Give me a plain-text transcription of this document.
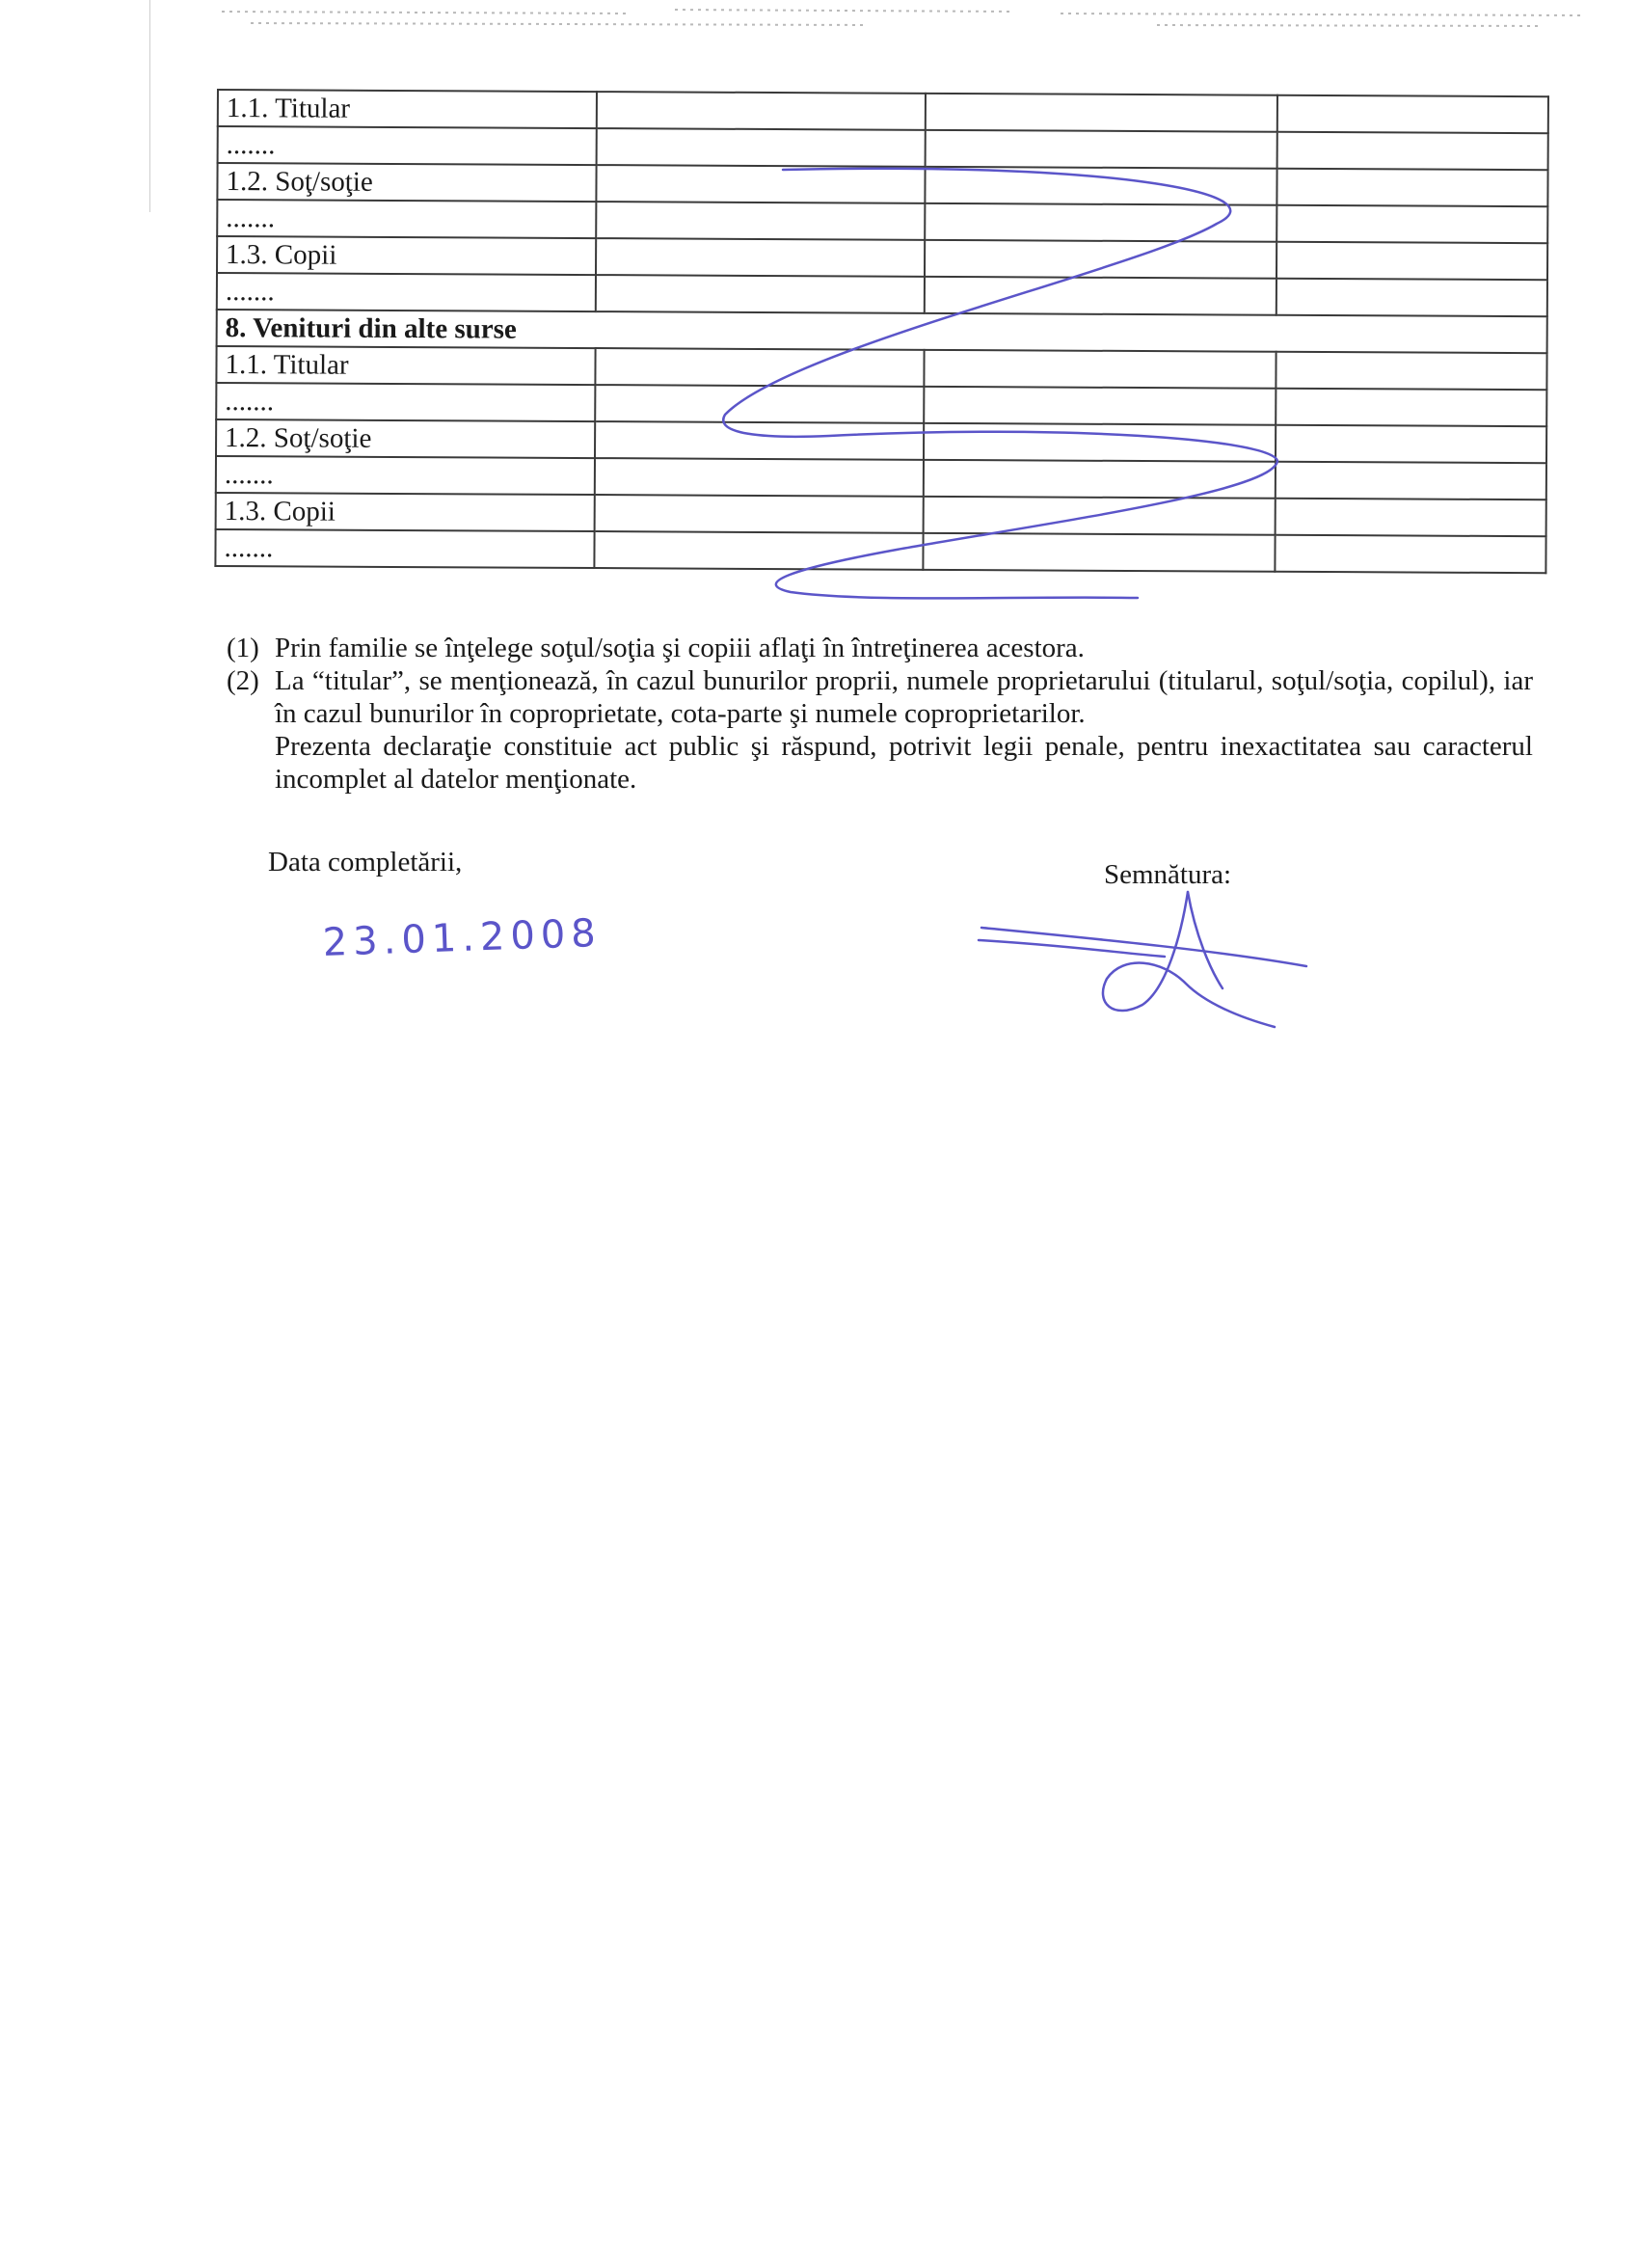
1.1. Titular			
.......			
1.2. Soţ/soţie			
.......			
1.3. Copii			
.......			
8. Venituri din alte surse			
1.1. Titular			
.......			
1.2. Soţ/soţie			
.......			
1.3. Copii			
.......			
(1) Prin familie se înţelege soţul/soţia şi copiii aflaţi în întreţinerea acestora.
(2) La “titular”, se menţionează, în cazul bunurilor proprii, numele proprietarului (titularul, soţul/soţia, copilul), iar în cazul bunurilor în coproprietate, cota-parte şi numele coproprietarilor.
Prezenta declaraţie constituie act public şi răspund, potrivit legii penale, pentru inexactitatea sau caracterul incomplet al datelor menţionate.
Data completării,	Semnătura:
23.01.2008
